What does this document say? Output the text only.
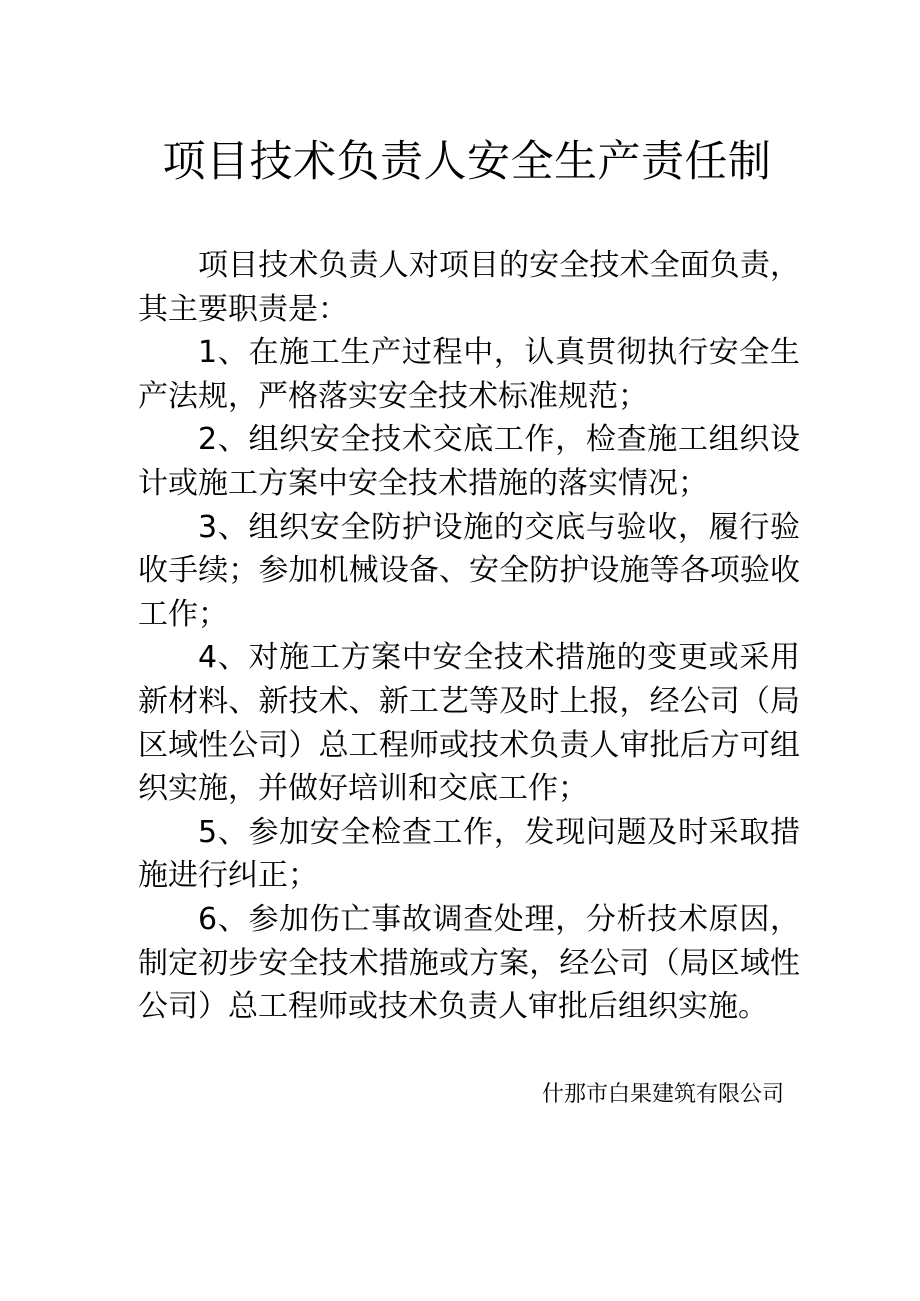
项目技术负责人安全生产责任制

项目技术负责人对项目的安全技术全面负责，其主要职责是：

1、在施工生产过程中，认真贯彻执行安全生产法规，严格落实安全技术标准规范；

2、组织安全技术交底工作，检查施工组织设计或施工方案中安全技术措施的落实情况；

3、组织安全防护设施的交底与验收，履行验收手续；参加机械设备、安全防护设施等各项验收工作；

4、对施工方案中安全技术措施的变更或采用新材料、新技术、新工艺等及时上报，经公司（局区域性公司）总工程师或技术负责人审批后方可组织实施，并做好培训和交底工作；

5、参加安全检查工作，发现问题及时采取措施进行纠正；

6、参加伤亡事故调查处理，分析技术原因，制定初步安全技术措施或方案，经公司（局区域性公司）总工程师或技术负责人审批后组织实施。

什那市白果建筑有限公司
